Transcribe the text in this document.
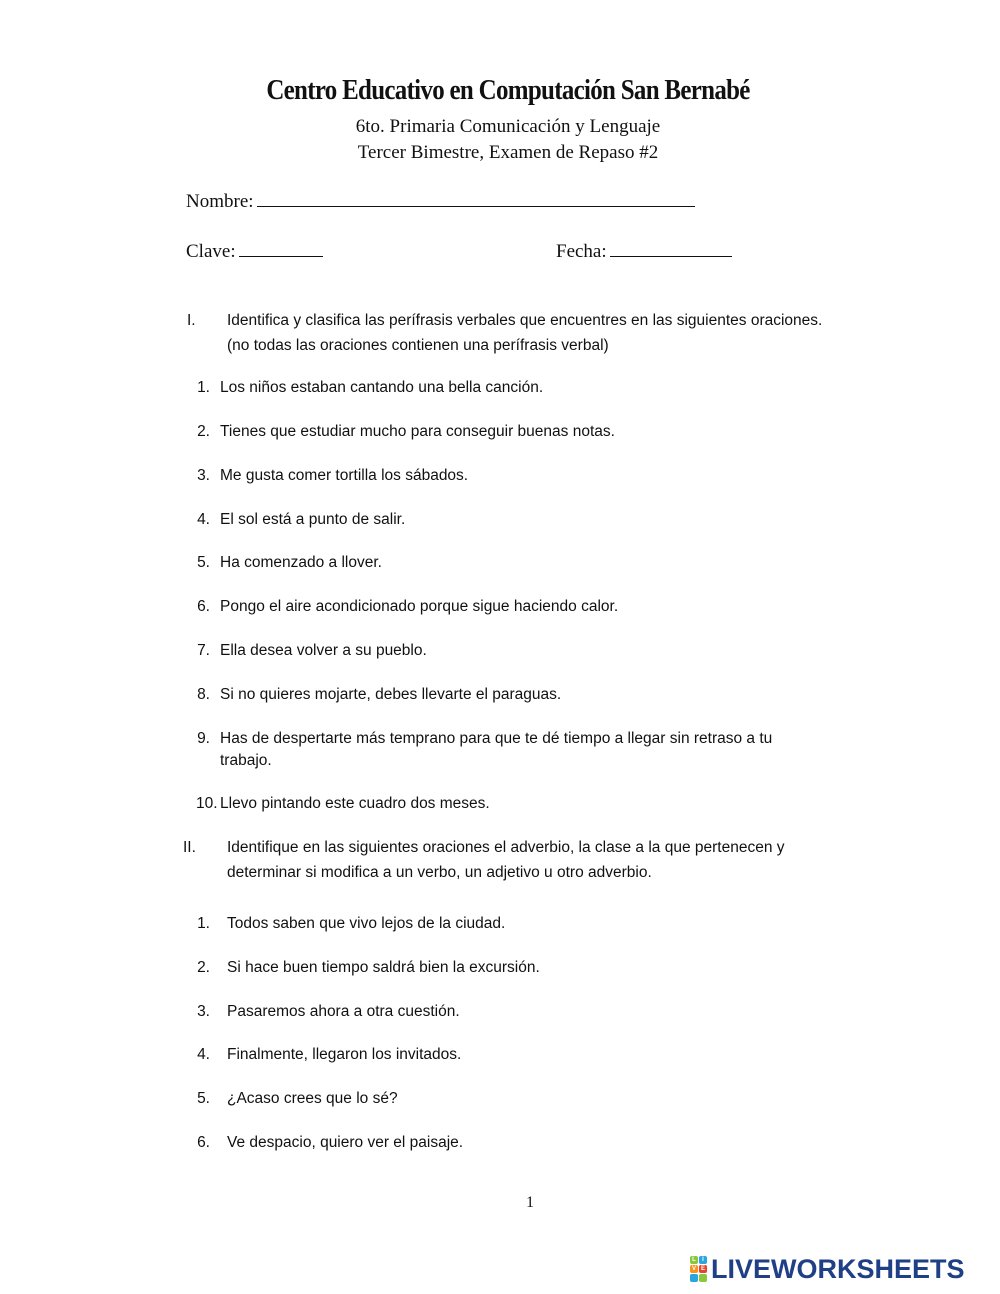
Centro Educativo en Computación San Bernabé
6to. Primaria Comunicación y Lenguaje
Tercer Bimestre, Examen de Repaso #2
Nombre:
Clave:	Fecha:
I. Identifica y clasifica las perífrasis verbales que encuentres en las siguientes oraciones.
(no todas las oraciones contienen una perífrasis verbal)
1. Los niños estaban cantando una bella canción.
2. Tienes que estudiar mucho para conseguir buenas notas.
3. Me gusta comer tortilla los sábados.
4. El sol está a punto de salir.
5. Ha comenzado a llover.
6. Pongo el aire acondicionado porque sigue haciendo calor.
7. Ella desea volver a su pueblo.
8. Si no quieres mojarte, debes llevarte el paraguas.
9. Has de despertarte más temprano para que te dé tiempo a llegar sin retraso a tu
trabajo.
10. Llevo pintando este cuadro dos meses.
II. Identifique en las siguientes oraciones el adverbio, la clase a la que pertenecen y
determinar si modifica a un verbo, un adjetivo u otro adverbio.
1. Todos saben que vivo lejos de la ciudad.
2. Si hace buen tiempo saldrá bien la excursión.
3. Pasaremos ahora a otra cuestión.
4. Finalmente, llegaron los invitados.
5. ¿Acaso crees que lo sé?
6. Ve despacio, quiero ver el paisaje.
1
L	I
V E LIVEWORKSHEETS
